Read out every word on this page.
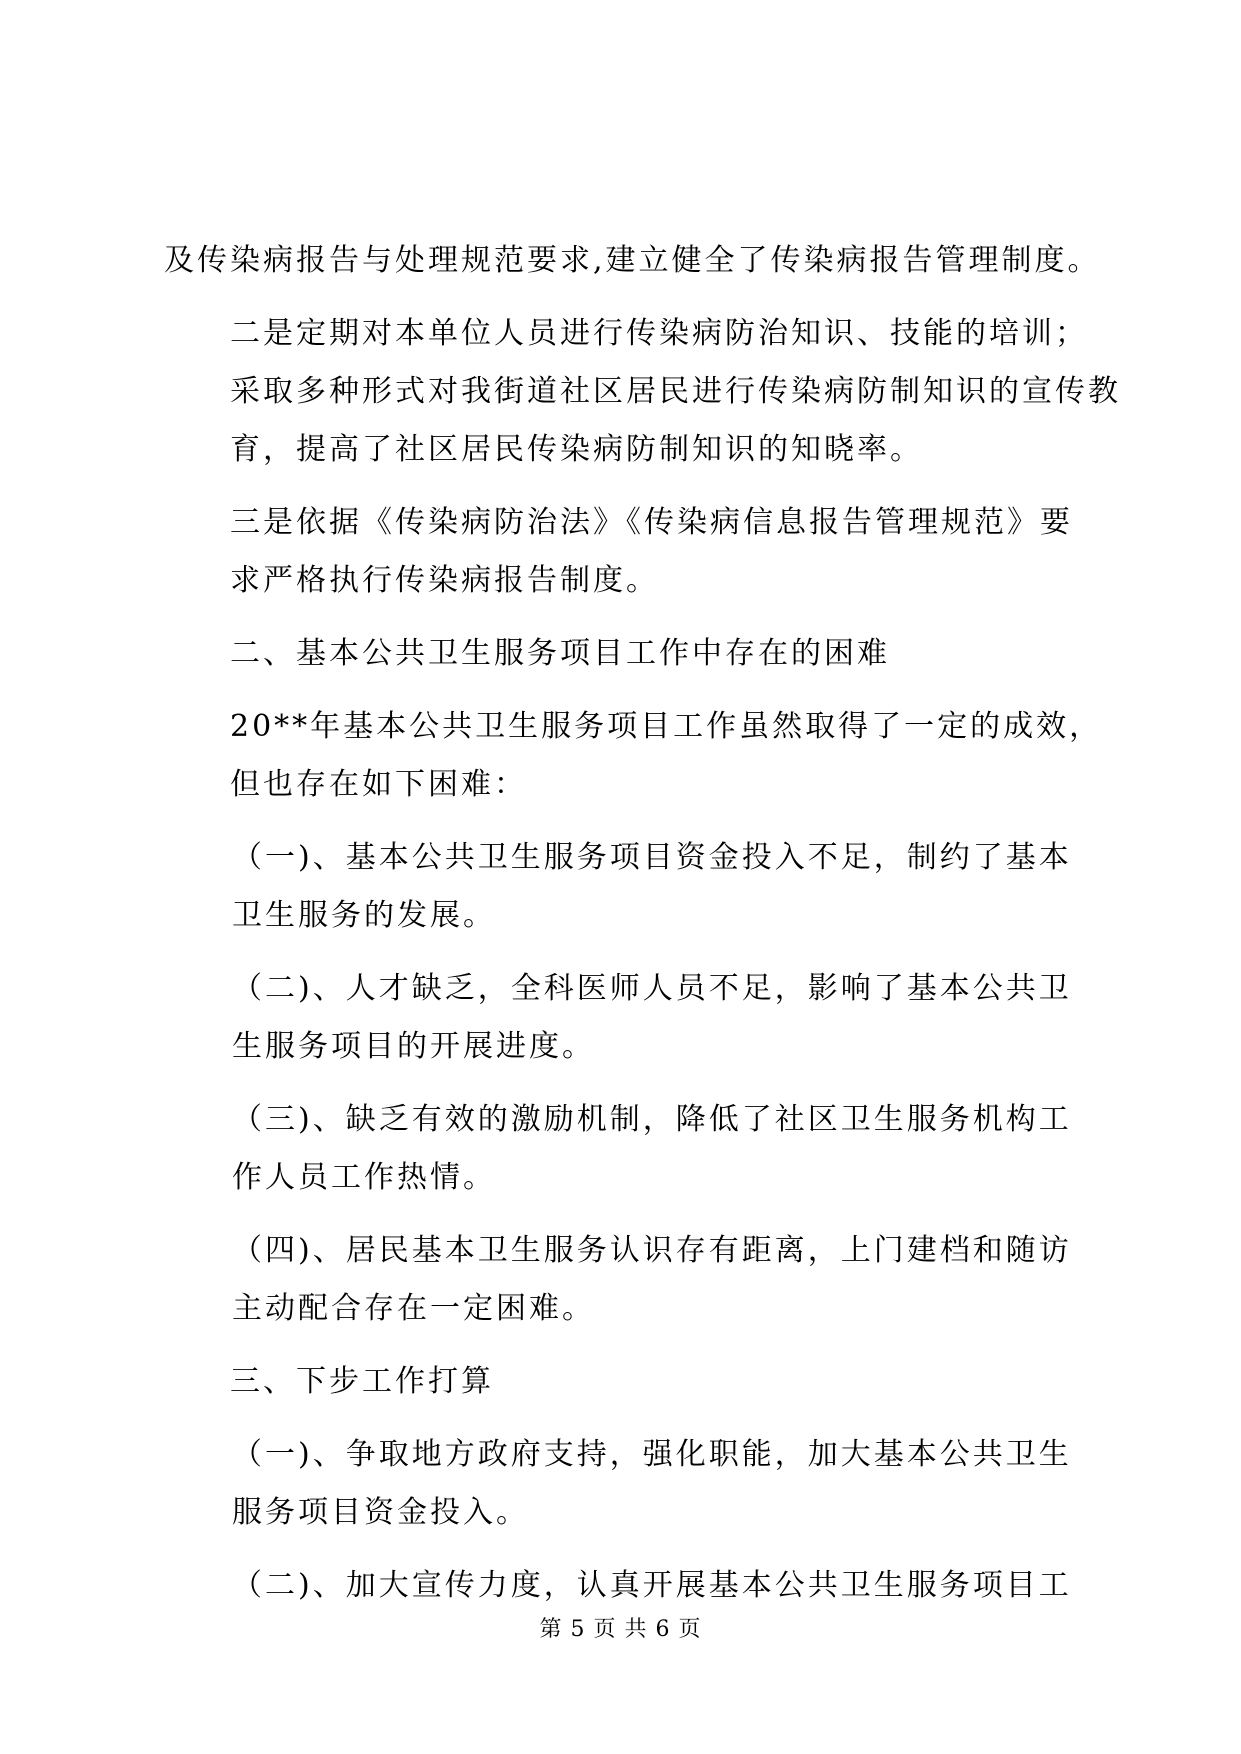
及传染病报告与处理规范要求,建立健全了传染病报告管理制度。

二是定期对本单位人员进行传染病防治知识、技能的培训；
采取多种形式对我街道社区居民进行传染病防制知识的宣传教
育，提高了社区居民传染病防制知识的知晓率。

三是依据《传染病防治法》《传染病信息报告管理规范》要
求严格执行传染病报告制度。

二、基本公共卫生服务项目工作中存在的困难

20**年基本公共卫生服务项目工作虽然取得了一定的成效，
但也存在如下困难：

（一)、基本公共卫生服务项目资金投入不足，制约了基本
卫生服务的发展。

（二)、人才缺乏，全科医师人员不足，影响了基本公共卫
生服务项目的开展进度。

（三)、缺乏有效的激励机制，降低了社区卫生服务机构工
作人员工作热情。

（四)、居民基本卫生服务认识存有距离，上门建档和随访
主动配合存在一定困难。

三、下步工作打算

（一)、争取地方政府支持，强化职能，加大基本公共卫生
服务项目资金投入。

（二)、加大宣传力度，认真开展基本公共卫生服务项目工

第 5 页 共 6 页
